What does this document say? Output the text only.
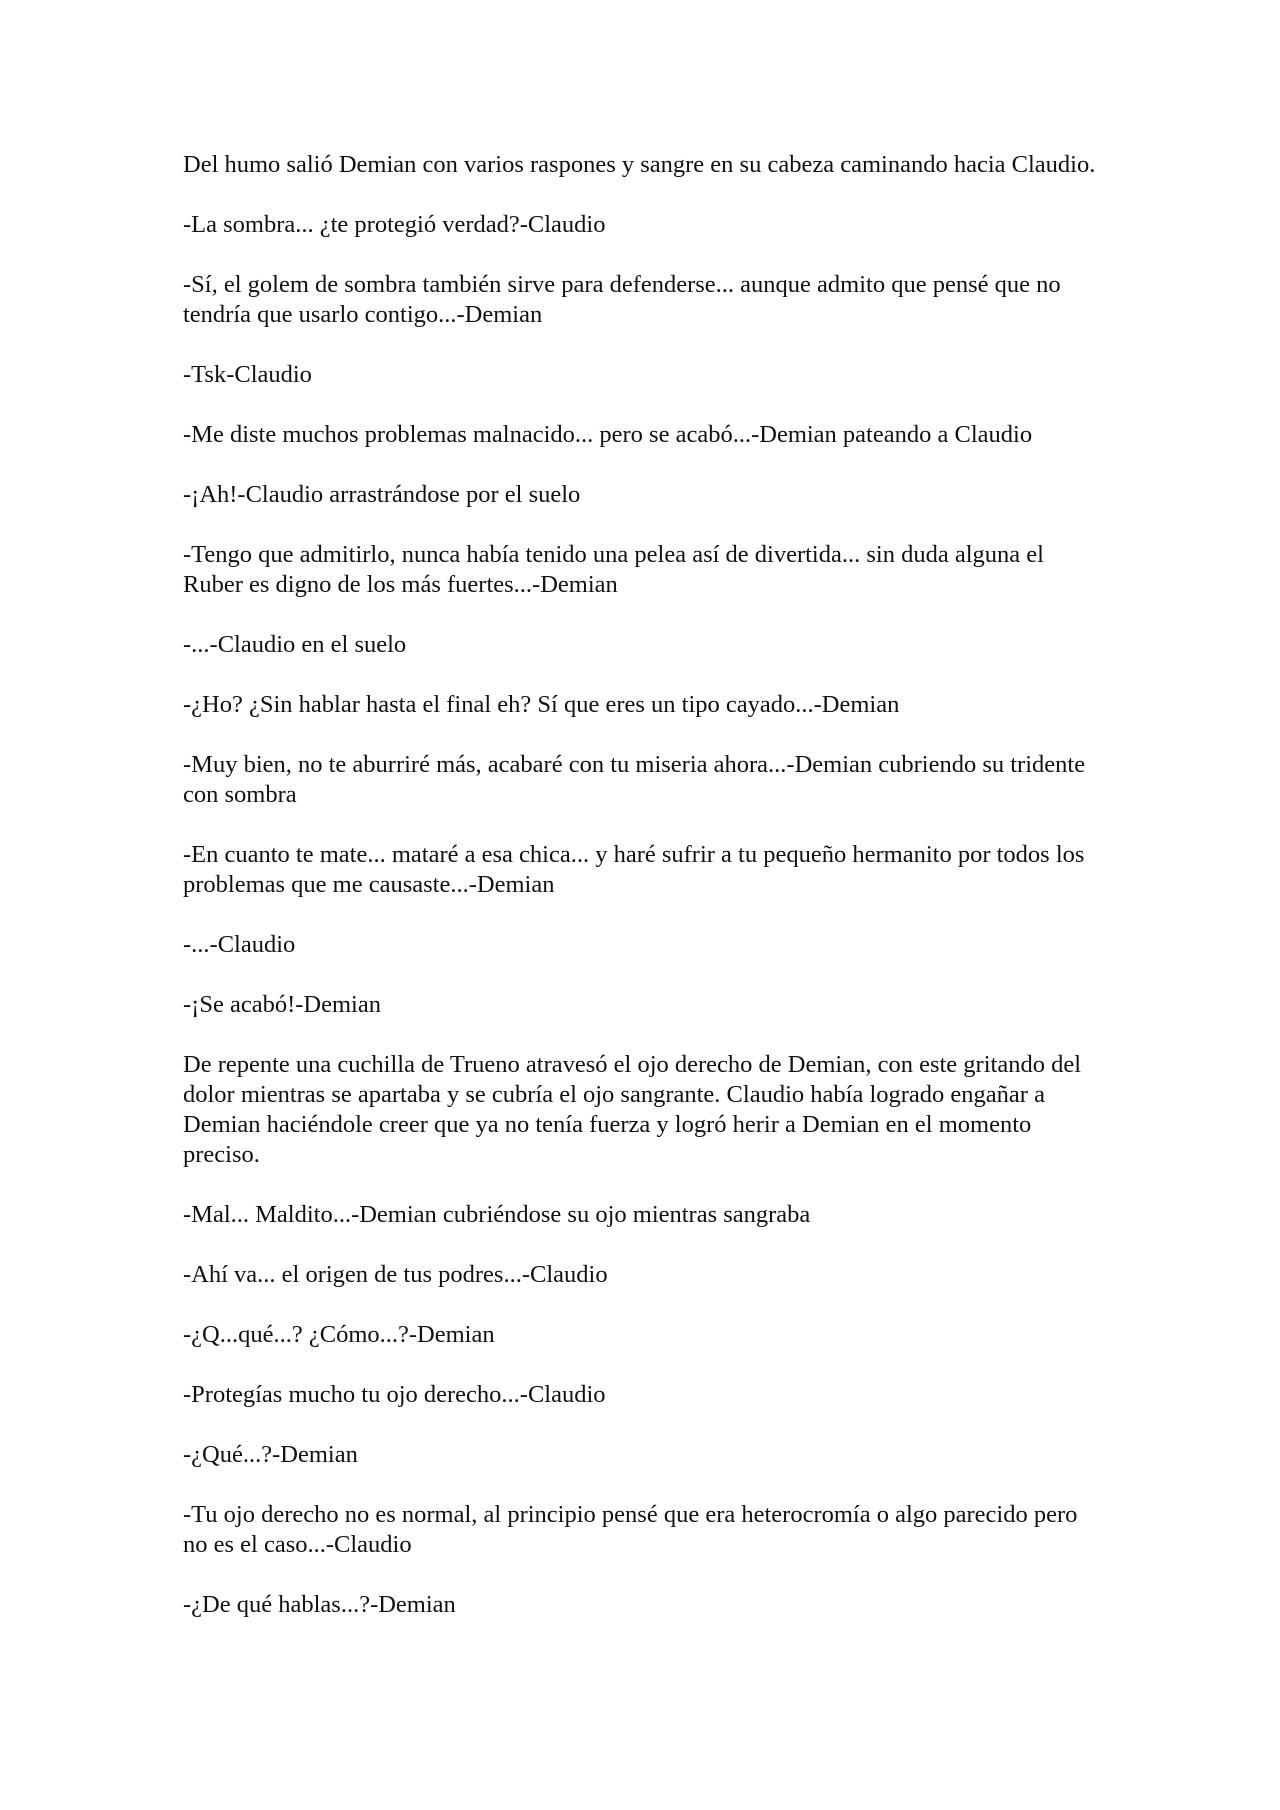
Del humo salió Demian con varios raspones y sangre en su cabeza caminando hacia Claudio.

-La sombra... ¿te protegió verdad?-Claudio

-Sí, el golem de sombra también sirve para defenderse... aunque admito que pensé que no tendría que usarlo contigo...-Demian

-Tsk-Claudio

-Me diste muchos problemas malnacido... pero se acabó...-Demian pateando a Claudio

-¡Ah!-Claudio arrastrándose por el suelo

-Tengo que admitirlo, nunca había tenido una pelea así de divertida... sin duda alguna el Ruber es digno de los más fuertes...-Demian

-...-Claudio en el suelo

-¿Ho? ¿Sin hablar hasta el final eh? Sí que eres un tipo cayado...-Demian

-Muy bien, no te aburriré más, acabaré con tu miseria ahora...-Demian cubriendo su tridente con sombra

-En cuanto te mate... mataré a esa chica... y haré sufrir a tu pequeño hermanito por todos los problemas que me causaste...-Demian

-...-Claudio

-¡Se acabó!-Demian

De repente una cuchilla de Trueno atravesó el ojo derecho de Demian, con este gritando del dolor mientras se apartaba y se cubría el ojo sangrante. Claudio había logrado engañar a Demian haciéndole creer que ya no tenía fuerza y logró herir a Demian en el momento preciso.

-Mal... Maldito...-Demian cubriéndose su ojo mientras sangraba

-Ahí va... el origen de tus podres...-Claudio

-¿Q...qué...? ¿Cómo...?-Demian

-Protegías mucho tu ojo derecho...-Claudio

-¿Qué...?-Demian

-Tu ojo derecho no es normal, al principio pensé que era heterocromía o algo parecido pero no es el caso...-Claudio

-¿De qué hablas...?-Demian
